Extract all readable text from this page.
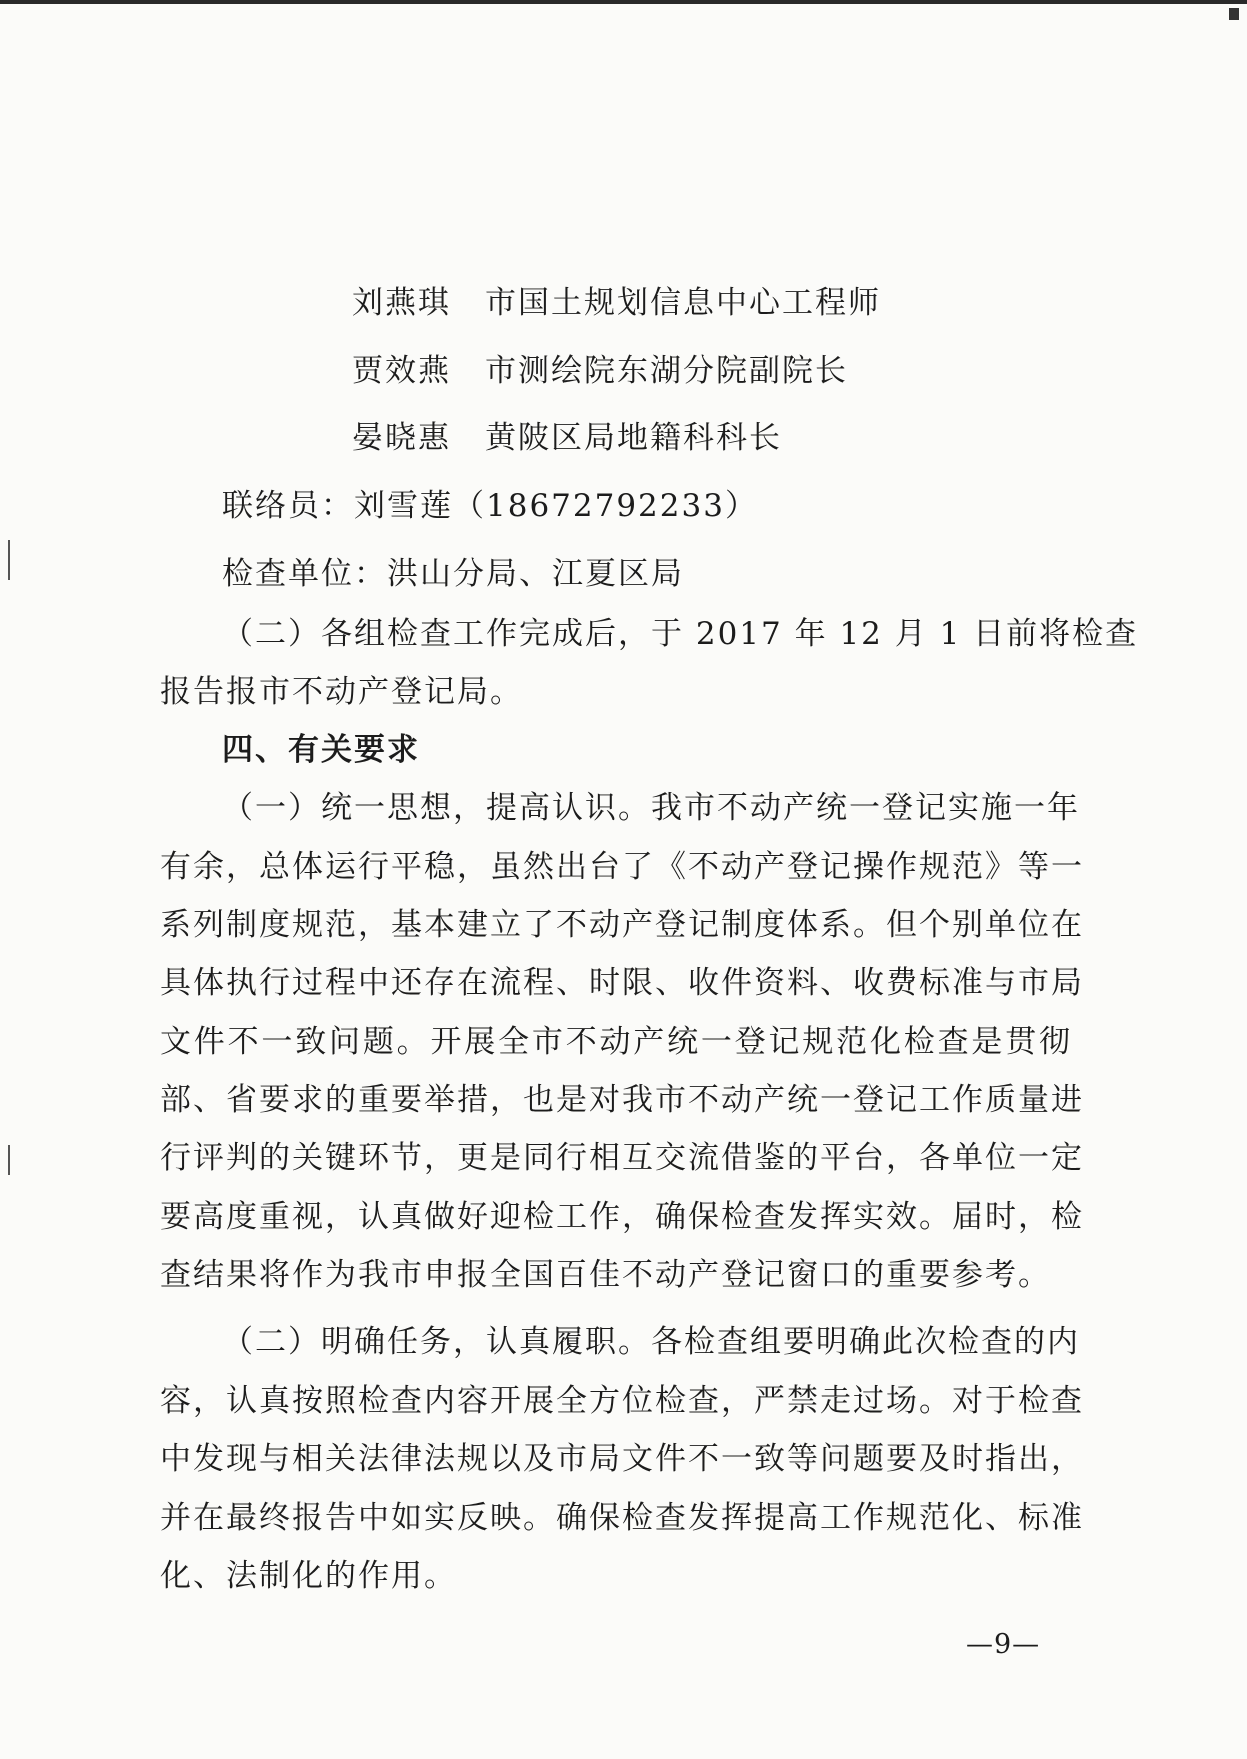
刘燕琪 市国土规划信息中心工程师
贾效燕 市测绘院东湖分院副院长
晏晓惠 黄陂区局地籍科科长
联络员：刘雪莲（18672792233）
检查单位：洪山分局、江夏区局
（二）各组检查工作完成后，于 2017 年 12 月 1 日前将检查
报告报市不动产登记局。
四、有关要求
（一）统一思想，提高认识。我市不动产统一登记实施一年
有余，总体运行平稳，虽然出台了《不动产登记操作规范》等一
系列制度规范，基本建立了不动产登记制度体系。但个别单位在
具体执行过程中还存在流程、时限、收件资料、收费标准与市局
文件不一致问题。开展全市不动产统一登记规范化检查是贯彻
部、省要求的重要举措，也是对我市不动产统一登记工作质量进
行评判的关键环节，更是同行相互交流借鉴的平台，各单位一定
要高度重视，认真做好迎检工作，确保检查发挥实效。届时，检
查结果将作为我市申报全国百佳不动产登记窗口的重要参考。
（二）明确任务，认真履职。各检查组要明确此次检查的内
容，认真按照检查内容开展全方位检查，严禁走过场。对于检查
中发现与相关法律法规以及市局文件不一致等问题要及时指出，
并在最终报告中如实反映。确保检查发挥提高工作规范化、标准
化、法制化的作用。
—9—
